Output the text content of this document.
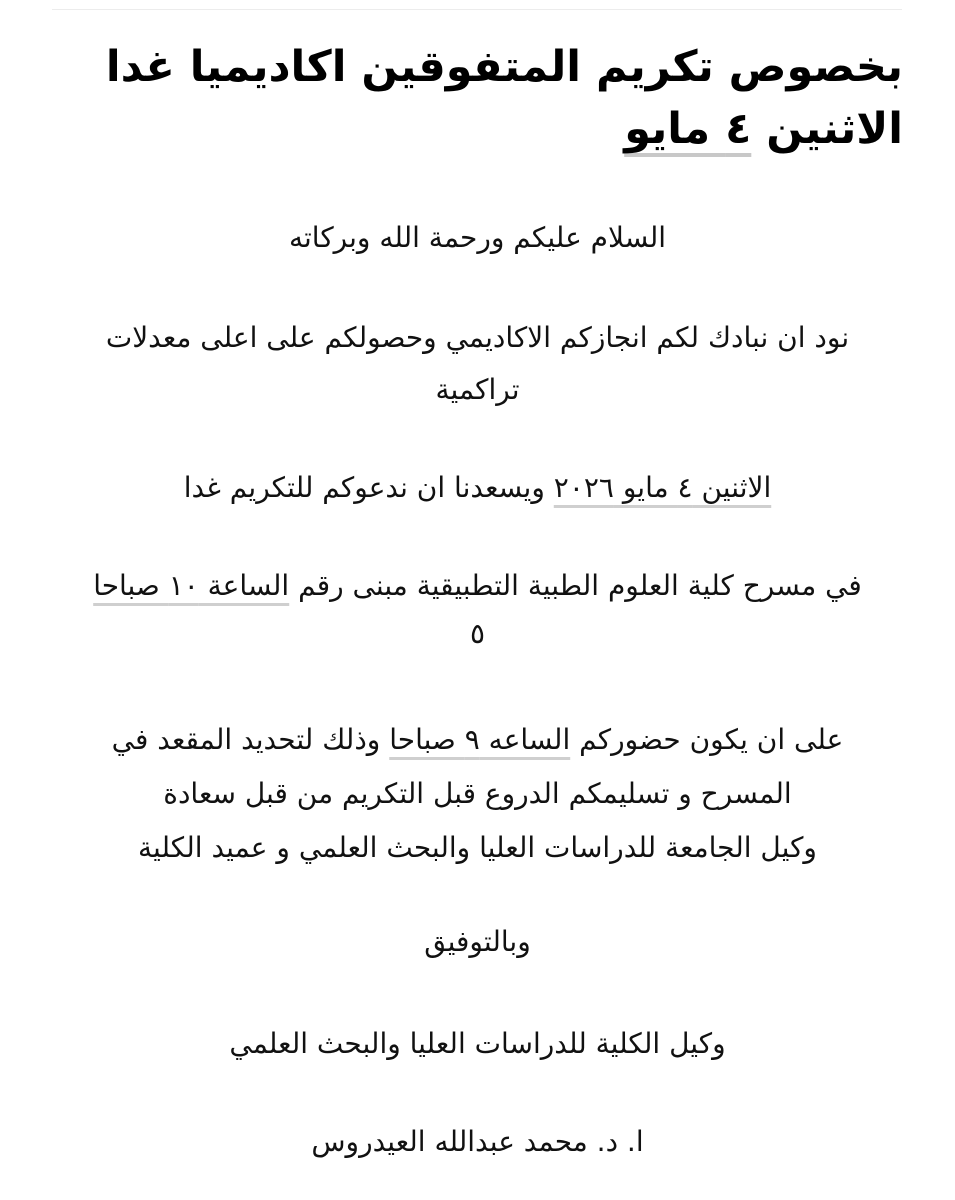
بخصوص تكريم المتفوقين اكاديميا غدا
الاثنين ٤ مايو

السلام عليكم ورحمة الله وبركاته

نود ان نبادك لكم انجازكم الاكاديمي وحصولكم على اعلى معدلات تراكمية

الاثنين ٤ مايو ٢٠٢٦ ويسعدنا ان ندعوكم للتكريم غدا

في مسرح كلية العلوم الطبية التطبيقية مبنى رقم الساعة ١٠ صباحا

٥

على ان يكون حضوركم الساعه ٩ صباحا وذلك لتحديد المقعد في

المسرح و تسليمكم الدروع قبل التكريم من قبل سعادة

وكيل الجامعة للدراسات العليا والبحث العلمي و عميد الكلية

وبالتوفيق

وكيل الكلية للدراسات العليا والبحث العلمي

ا. د. محمد عبدالله العيدروس
